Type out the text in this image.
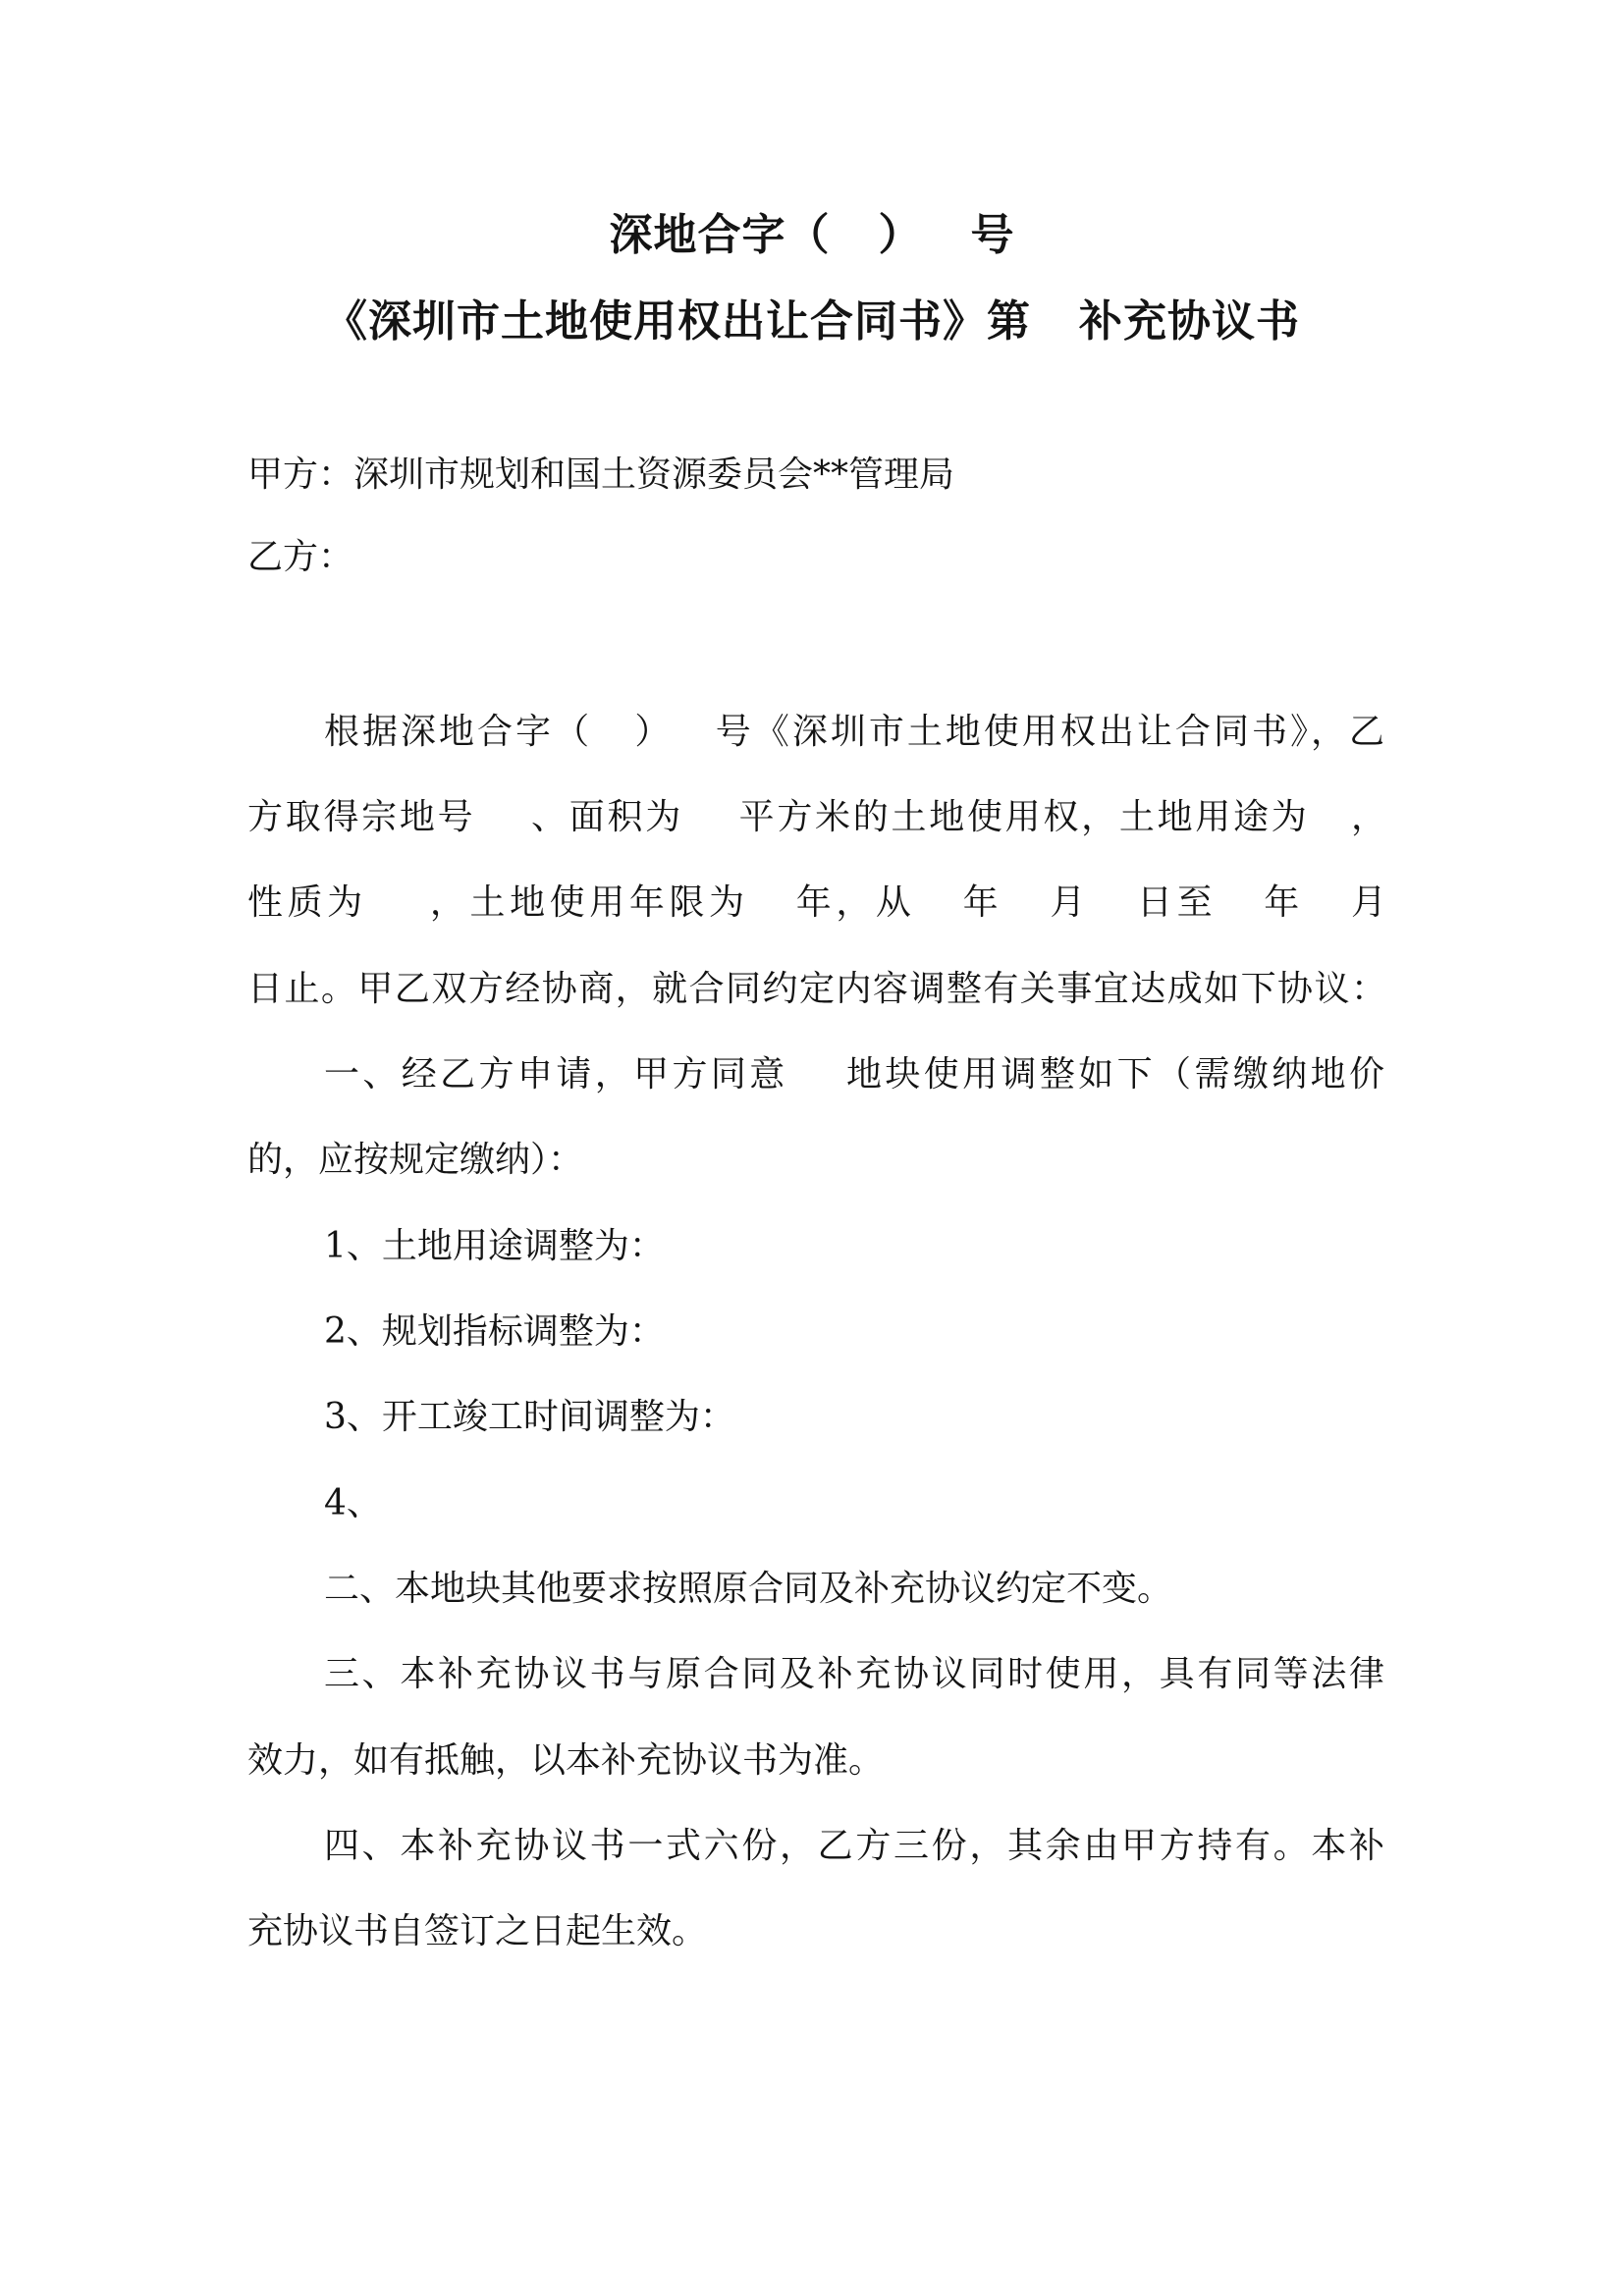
深地合字（   ）   号
《深圳市土地使用权出让合同书》第   补充协议书
甲方：深圳市规划和国土资源委员会**管理局
乙方：
根据深地合字（   ）   号《深圳市土地使用权出让合同书》，乙
方取得宗地号    、面积为    平方米的土地使用权，土地用途为   ，
性质为    ，土地使用年限为   年，从   年   月   日至   年   月
日止。甲乙双方经协商，就合同约定内容调整有关事宜达成如下协议：
一、经乙方申请，甲方同意    地块使用调整如下（需缴纳地价
的，应按规定缴纳）：
1、土地用途调整为：
2、规划指标调整为：
3、开工竣工时间调整为：
4、
二、本地块其他要求按照原合同及补充协议约定不变。
三、本补充协议书与原合同及补充协议同时使用，具有同等法律
效力，如有抵触，以本补充协议书为准。
四、本补充协议书一式六份，乙方三份，其余由甲方持有。本补
充协议书自签订之日起生效。
